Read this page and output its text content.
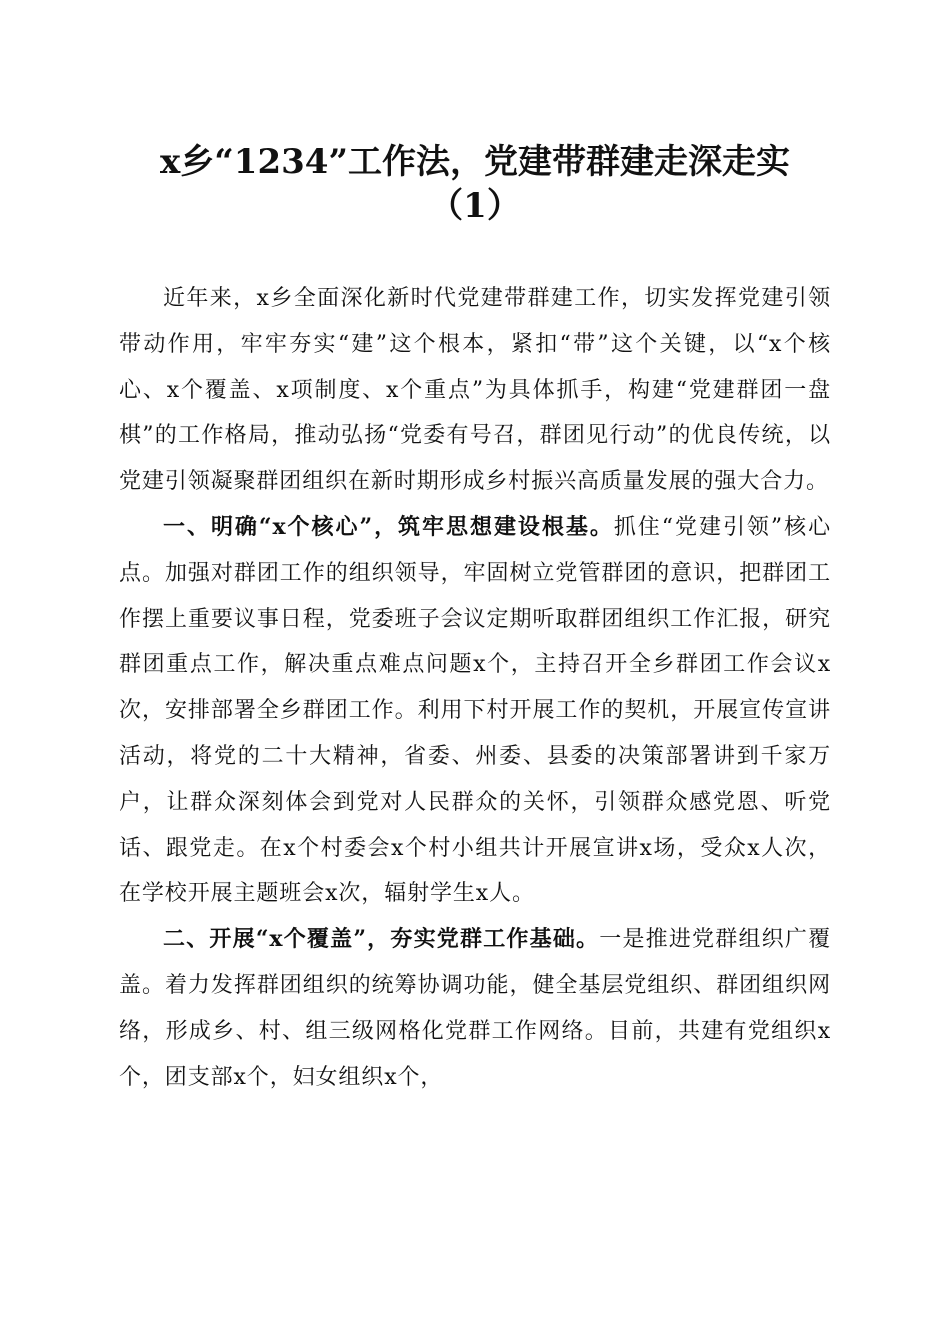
x乡“1234”工作法，党建带群建走深走实
（1）

近年来，x乡全面深化新时代党建带群建工作，切实发挥党建引领带动作用，牢牢夯实“建”这个根本，紧扣“带”这个关键，以“x个核心、x个覆盖、x项制度、x个重点”为具体抓手，构建“党建群团一盘棋”的工作格局，推动弘扬“党委有号召，群团见行动”的优良传统，以党建引领凝聚群团组织在新时期形成乡村振兴高质量发展的强大合力。

一、明确“x个核心”，筑牢思想建设根基。抓住“党建引领”核心点。加强对群团工作的组织领导，牢固树立党管群团的意识，把群团工作摆上重要议事日程，党委班子会议定期听取群团组织工作汇报，研究群团重点工作，解决重点难点问题x个，主持召开全乡群团工作会议x次，安排部署全乡群团工作。利用下村开展工作的契机，开展宣传宣讲活动，将党的二十大精神，省委、州委、县委的决策部署讲到千家万户，让群众深刻体会到党对人民群众的关怀，引领群众感党恩、听党话、跟党走。在x个村委会x个村小组共计开展宣讲x场，受众x人次，在学校开展主题班会x次，辐射学生x人。

二、开展“x个覆盖”，夯实党群工作基础。一是推进党群组织广覆盖。着力发挥群团组织的统筹协调功能，健全基层党组织、群团组织网络，形成乡、村、组三级网格化党群工作网络。目前，共建有党组织x个，团支部x个，妇女组织x个，
